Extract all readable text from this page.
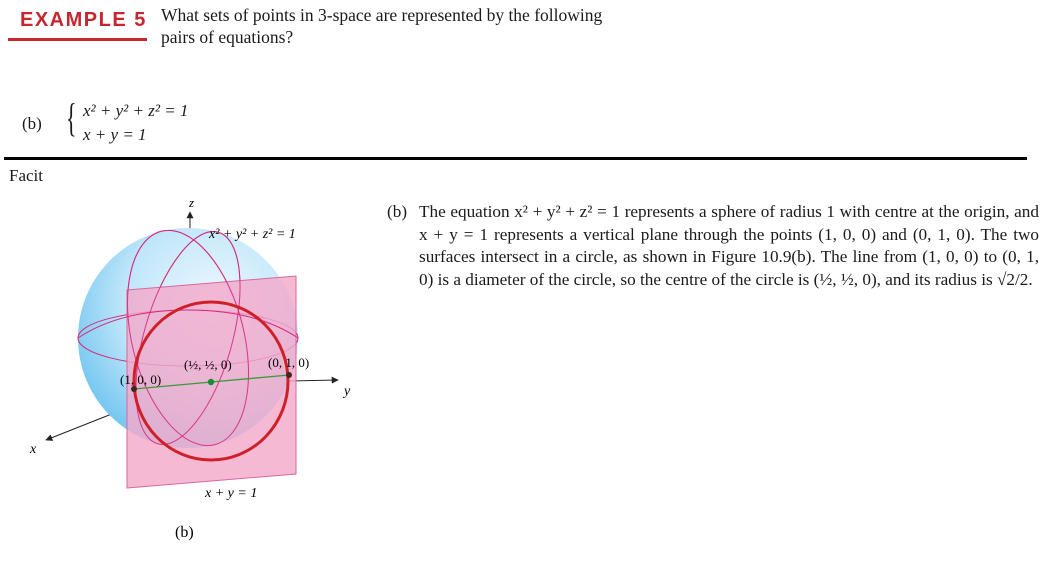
EXAMPLE 5 What sets of points in 3-space are represented by the following
pairs of equations?
(b) { x² + y² + z² = 1
x + y = 1
Facit
z
y
x
x² + y² + z² = 1
x + y = 1
(1, 0, 0)
(0, 1, 0)
(½, ½, 0)
(b)
(b) The equation x² + y² + z² = 1 represents a sphere of radius 1 with centre at the origin, and x + y = 1 represents a vertical plane through the points (1, 0, 0) and (0, 1, 0). The two surfaces intersect in a circle, as shown in Figure 10.9(b). The line from (1, 0, 0) to (0, 1, 0) is a diameter of the circle, so the centre of the circle is (½, ½, 0), and its radius is √2/2.
